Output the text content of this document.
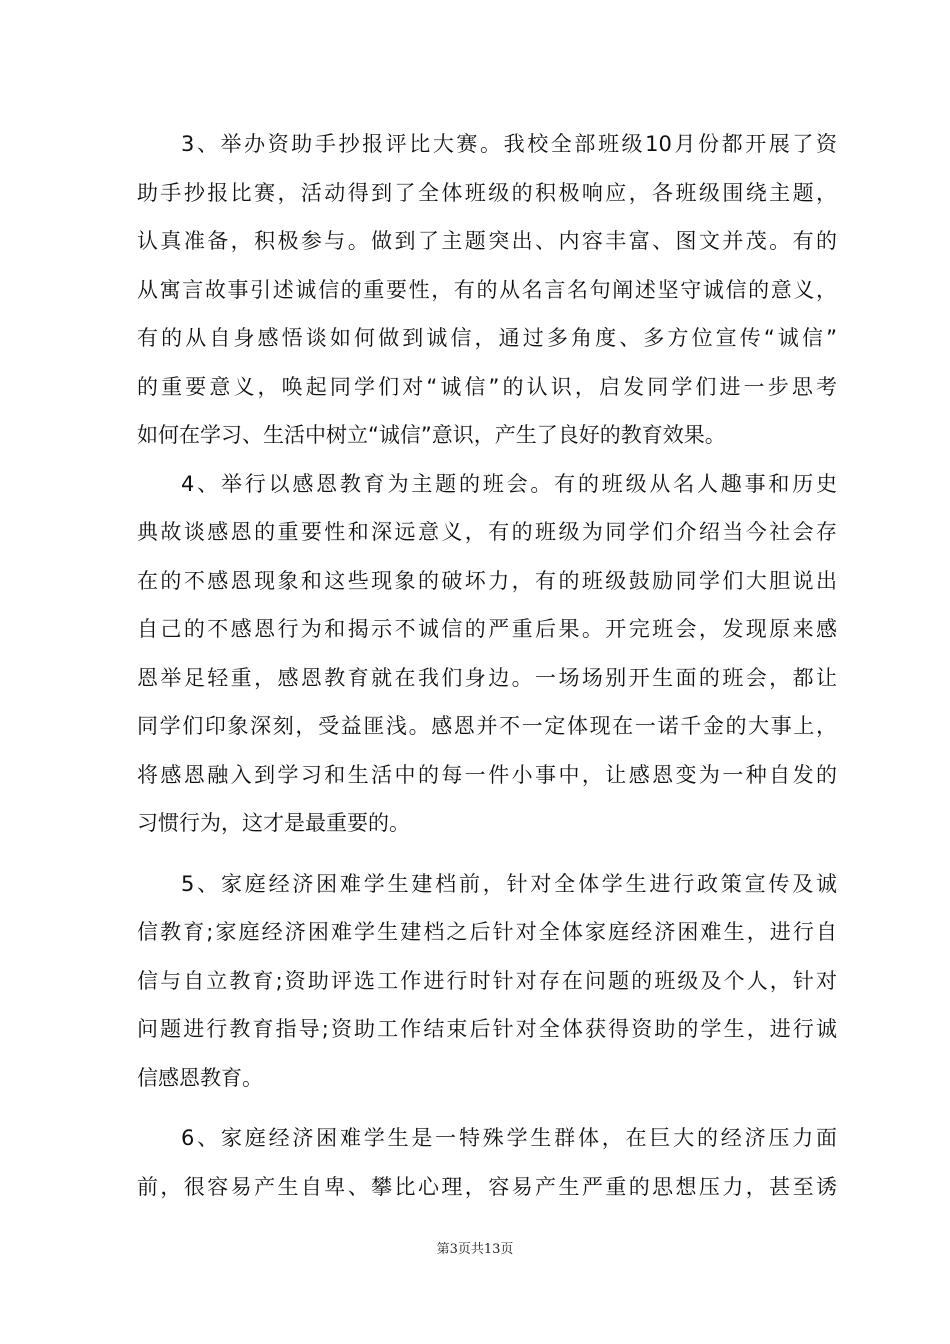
3、举办资助手抄报评比大赛。我校全部班级10月份都开展了资
助手抄报比赛，活动得到了全体班级的积极响应，各班级围绕主题，
认真准备，积极参与。做到了主题突出、内容丰富、图文并茂。有的
从寓言故事引述诚信的重要性，有的从名言名句阐述坚守诚信的意义，
有的从自身感悟谈如何做到诚信，通过多角度、多方位宣传“诚信”
的重要意义，唤起同学们对“诚信”的认识，启发同学们进一步思考
如何在学习、生活中树立“诚信”意识，产生了良好的教育效果。
4、举行以感恩教育为主题的班会。有的班级从名人趣事和历史
典故谈感恩的重要性和深远意义，有的班级为同学们介绍当今社会存
在的不感恩现象和这些现象的破坏力，有的班级鼓励同学们大胆说出
自己的不感恩行为和揭示不诚信的严重后果。开完班会，发现原来感
恩举足轻重，感恩教育就在我们身边。一场场别开生面的班会，都让
同学们印象深刻，受益匪浅。感恩并不一定体现在一诺千金的大事上，
将感恩融入到学习和生活中的每一件小事中，让感恩变为一种自发的
习惯行为，这才是最重要的。
5、家庭经济困难学生建档前，针对全体学生进行政策宣传及诚
信教育;家庭经济困难学生建档之后针对全体家庭经济困难生，进行自
信与自立教育;资助评选工作进行时针对存在问题的班级及个人，针对
问题进行教育指导;资助工作结束后针对全体获得资助的学生，进行诚
信感恩教育。
6、家庭经济困难学生是一特殊学生群体，在巨大的经济压力面
前，很容易产生自卑、攀比心理，容易产生严重的思想压力，甚至诱
第3页共13页
